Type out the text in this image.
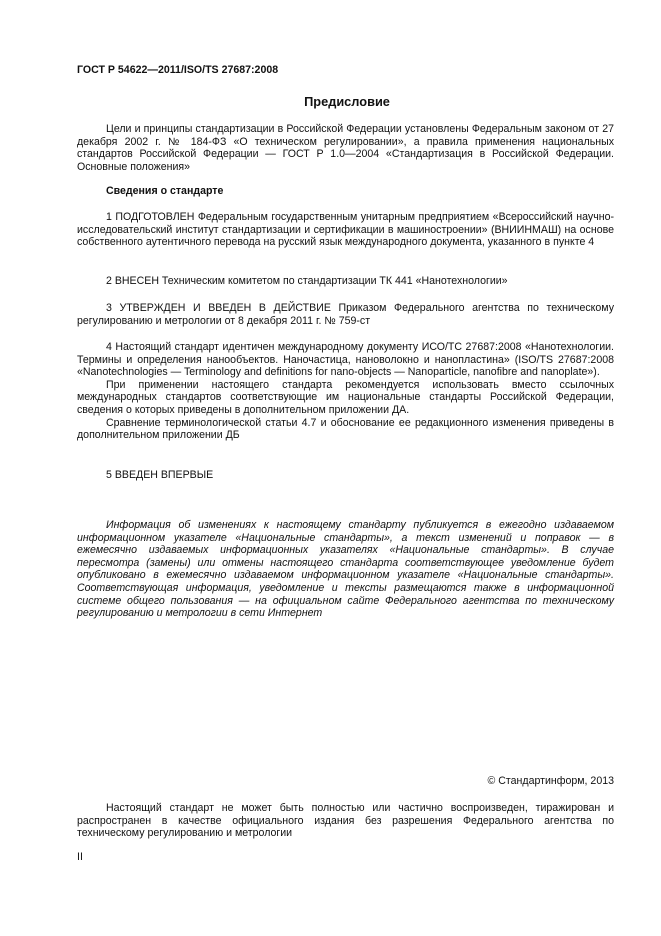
ГОСТ Р 54622—2011/ISO/TS 27687:2008
Предисловие

Цели и принципы стандартизации в Российской Федерации установлены Федеральным законом от 27 декабря 2002 г. № 184-ФЗ «О техническом регулировании», а правила применения национальных стандартов Российской Федерации — ГОСТ Р 1.0—2004 «Стандартизация в Российской Федерации. Основные положения»

Сведения о стандарте

1 ПОДГОТОВЛЕН Федеральным государственным унитарным предприятием «Всероссийский научно-исследовательский институт стандартизации и сертификации в машиностроении» (ВНИИНМАШ) на основе собственного аутентичного перевода на русский язык международного документа, указанного в пункте 4

2 ВНЕСЕН Техническим комитетом по стандартизации ТК 441 «Нанотехнологии»

3 УТВЕРЖДЕН И ВВЕДЕН В ДЕЙСТВИЕ Приказом Федерального агентства по техническому регулированию и метрологии от 8 декабря 2011 г. № 759-ст

4 Настоящий стандарт идентичен международному документу ИСО/ТС 27687:2008 «Нанотехнологии. Термины и определения нанообъектов. Наночастица, нановолокно и нанопластина» (ISO/TS 27687:2008 «Nanotechnologies — Terminology and definitions for nano-objects — Nanoparticle, nanofibre and nanoplate»).

При применении настоящего стандарта рекомендуется использовать вместо ссылочных международных стандартов соответствующие им национальные стандарты Российской Федерации, сведения о которых приведены в дополнительном приложении ДА.

Сравнение терминологической статьи 4.7 и обоснование ее редакционного изменения приведены в дополнительном приложении ДБ

5 ВВЕДЕН ВПЕРВЫЕ

Информация об изменениях к настоящему стандарту публикуется в ежегодно издаваемом информационном указателе «Национальные стандарты», а текст изменений и поправок — в ежемесячно издаваемых информационных указателях «Национальные стандарты». В случае пересмотра (замены) или отмены настоящего стандарта соответствующее уведомление будет опубликовано в ежемесячно издаваемом информационном указателе «Национальные стандарты». Соответствующая информация, уведомление и тексты размещаются также в информационной системе общего пользования — на официальном сайте Федерального агентства по техническому регулированию и метрологии в сети Интернет

© Стандартинформ, 2013

Настоящий стандарт не может быть полностью или частично воспроизведен, тиражирован и распространен в качестве официального издания без разрешения Федерального агентства по техническому регулированию и метрологии

II
